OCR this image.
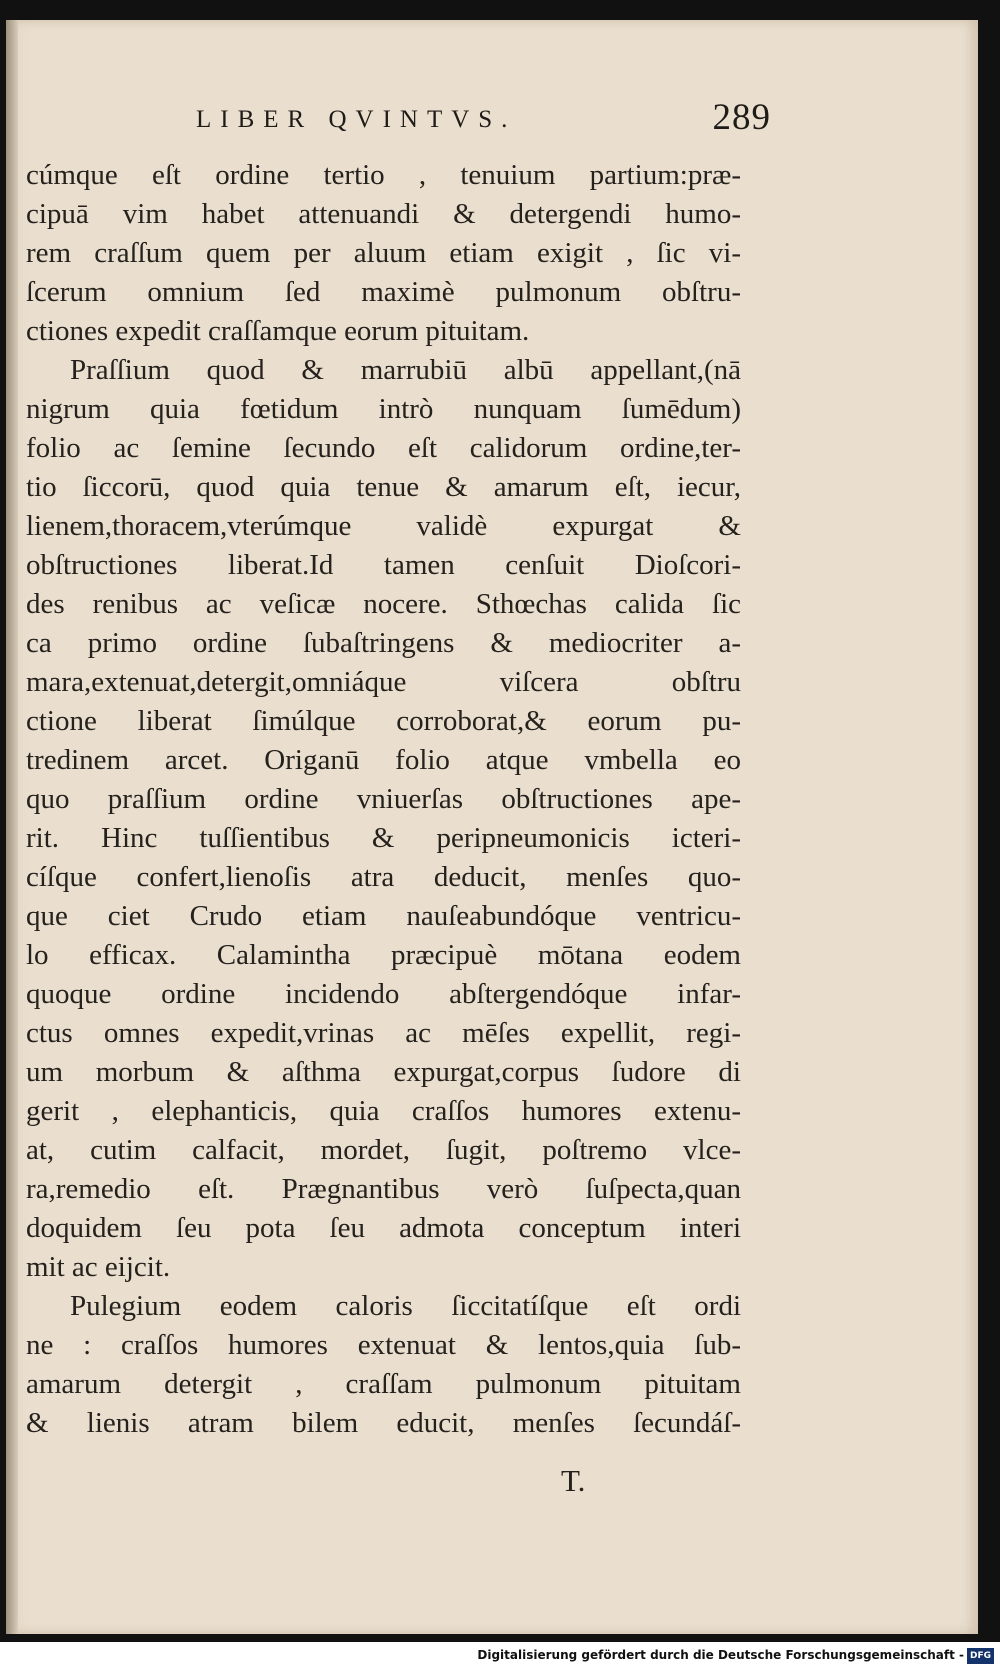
LIBER QVINTVS.	289
cúmque eſt ordine tertio , tenuium partium:præ-
cipuā vim habet attenuandi & detergendi humo-
rem craſſum quem per aluum etiam exigit , ſic vi-
ſcerum omnium ſed maximè pulmonum obſtru-
ctiones expedit craſſamque eorum pituitam.
Praſſium quod & marrubiū albū appellant,(nā
nigrum quia fœtidum intrò nunquam ſumēdum)
folio ac ſemine ſecundo eſt calidorum ordine,ter-
tio ſiccorū, quod quia tenue & amarum eſt, iecur,
lienem,thoracem,vterúmque validè expurgat &
obſtructiones liberat.Id tamen cenſuit Dioſcori-
des renibus ac veſicæ nocere. Sthœchas calida ſic
ca primo ordine ſubaſtringens & mediocriter a-
mara,extenuat,detergit,omniáque viſcera obſtru
ctione liberat ſimúlque corroborat,& eorum pu-
tredinem arcet. Origanū folio atque vmbella eo
quo praſſium ordine vniuerſas obſtructiones ape-
rit. Hinc tuſſientibus & peripneumonicis icteri-
cíſque confert,lienoſis atra deducit, menſes quo-
que ciet Crudo etiam nauſeabundóque ventricu-
lo efficax. Calamintha præcipuè mōtana eodem
quoque ordine incidendo abſtergendóque infar-
ctus omnes expedit,vrinas ac mēſes expellit, regi-
um morbum & aſthma expurgat,corpus ſudore di
gerit , elephanticis, quia craſſos humores extenu-
at, cutim calfacit, mordet, ſugit, poſtremo vlce-
ra,remedio eſt. Prægnantibus verò ſuſpecta,quan
doquidem ſeu pota ſeu admota conceptum interi
mit ac eijcit.
Pulegium eodem caloris ſiccitatíſque eſt ordi
ne : craſſos humores extenuat & lentos,quia ſub-
amarum detergit , craſſam pulmonum pituitam
& lienis atram bilem educit, menſes ſecundáſ-
T.
Digitalisierung gefördert durch die Deutsche Forschungsgemeinschaft - DFG
